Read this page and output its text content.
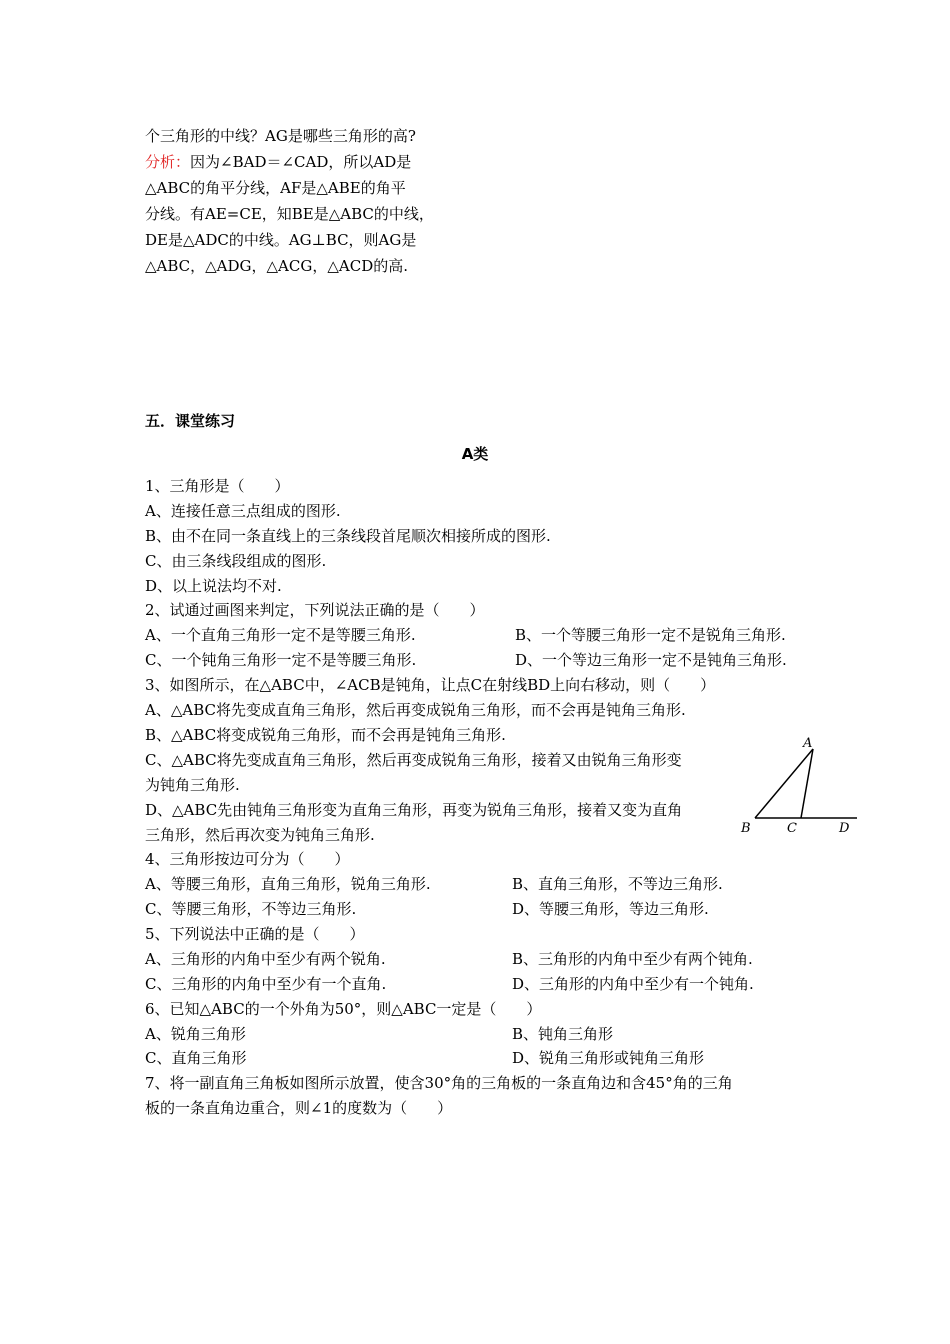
个三角形的中线？AG是哪些三角形的高?
分析：因为∠BAD＝∠CAD，所以AD是
△ABC的角平分线，AF是△ABE的角平
分线。有AE=CE，知BE是△ABC的中线，
DE是△ADC的中线。AG⊥BC，则AG是
△ABC，△ADG，△ACG，△ACD的高.
五．课堂练习
A类
1、三角形是（　　）
A、连接任意三点组成的图形.
B、由不在同一条直线上的三条线段首尾顺次相接所成的图形.
C、由三条线段组成的图形.
D、以上说法均不对.
2、试通过画图来判定，下列说法正确的是（　　）
A、一个直角三角形一定不是等腰三角形.	B、一个等腰三角形一定不是锐角三角形.
C、一个钝角三角形一定不是等腰三角形.	D、一个等边三角形一定不是钝角三角形.
3、如图所示，在△ABC中，∠ACB是钝角，让点C在射线BD上向右移动，则（　　）
A、△ABC将先变成直角三角形，然后再变成锐角三角形，而不会再是钝角三角形.
B、△ABC将变成锐角三角形，而不会再是钝角三角形.
C、△ABC将先变成直角三角形，然后再变成锐角三角形，接着又由锐角三角形变
为钝角三角形.
D、△ABC先由钝角三角形变为直角三角形，再变为锐角三角形，接着又变为直角
三角形，然后再次变为钝角三角形.
A
B	C	D
4、三角形按边可分为（　　）
A、等腰三角形，直角三角形，锐角三角形.	B、直角三角形，不等边三角形.
C、等腰三角形，不等边三角形.	D、等腰三角形，等边三角形.
5、下列说法中正确的是（　　）
A、三角形的内角中至少有两个锐角.	B、三角形的内角中至少有两个钝角.
C、三角形的内角中至少有一个直角.	D、三角形的内角中至少有一个钝角.
6、已知△ABC的一个外角为50°，则△ABC一定是（　　）
A、锐角三角形	B、钝角三角形
C、直角三角形	D、锐角三角形或钝角三角形
7、将一副直角三角板如图所示放置，使含30°角的三角板的一条直角边和含45°角的三角
板的一条直角边重合，则∠1的度数为（　　）
